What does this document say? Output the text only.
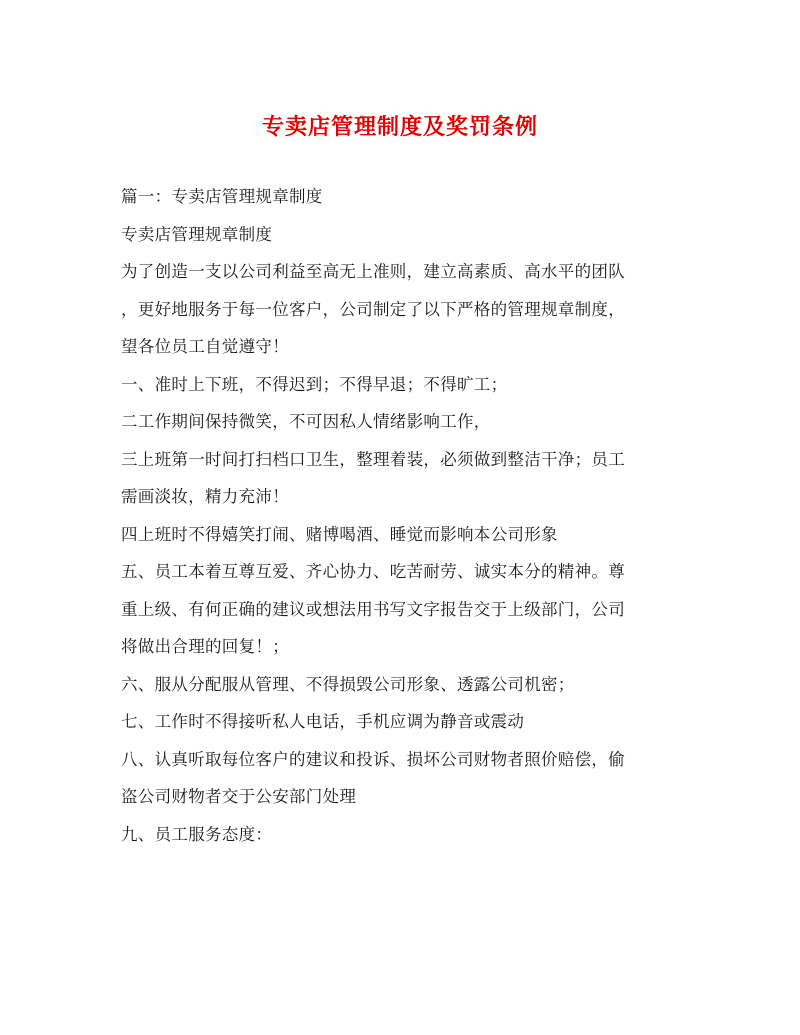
专卖店管理制度及奖罚条例
篇一：专卖店管理规章制度
专卖店管理规章制度
为了创造一支以公司利益至高无上准则，建立高素质、高水平的团队
，更好地服务于每一位客户，公司制定了以下严格的管理规章制度，
望各位员工自觉遵守！
一、准时上下班，不得迟到；不得早退；不得旷工；
二工作期间保持微笑，不可因私人情绪影响工作，
三上班第一时间打扫档口卫生，整理着装，必须做到整洁干净；员工
需画淡妆，精力充沛！
四上班时不得嬉笑打闹、赌博喝酒、睡觉而影响本公司形象
五、员工本着互尊互爱、齐心协力、吃苦耐劳、诚实本分的精神。尊
重上级、有何正确的建议或想法用书写文字报告交于上级部门，公司
将做出合理的回复！；
六、服从分配服从管理、不得损毁公司形象、透露公司机密；
七、工作时不得接听私人电话，手机应调为静音或震动
八、认真听取每位客户的建议和投诉、损坏公司财物者照价赔偿，偷
盗公司财物者交于公安部门处理
九、员工服务态度：
